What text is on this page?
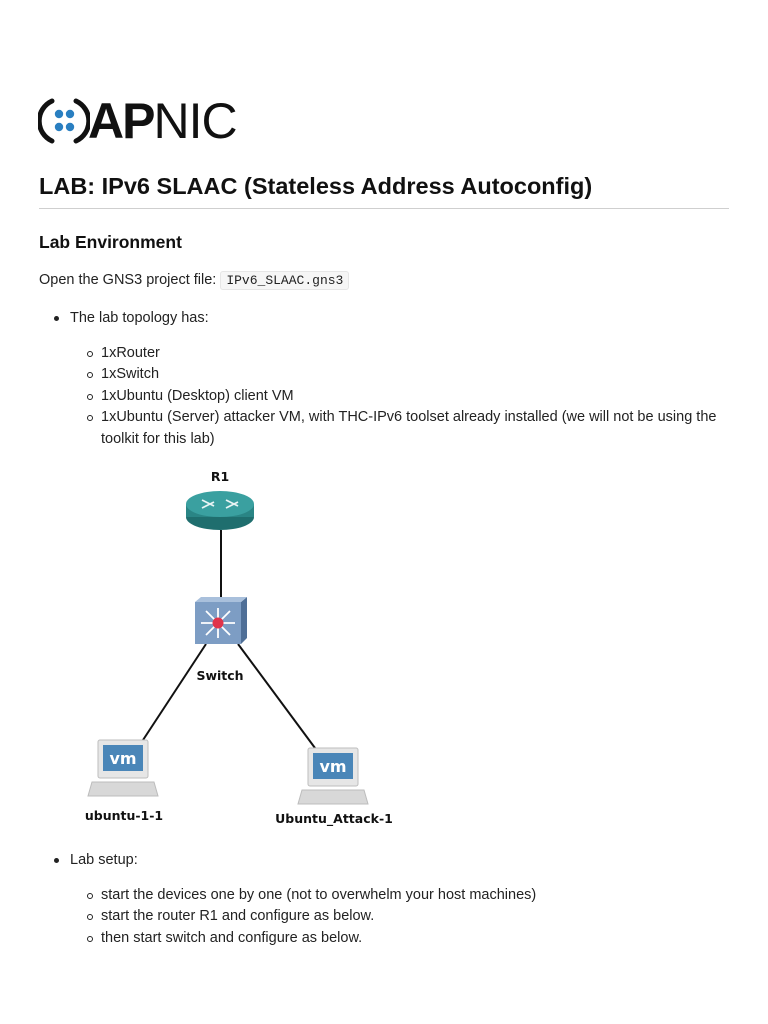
APNIC
LAB: IPv6 SLAAC (Stateless Address Autoconfig)
Lab Environment
Open the GNS3 project file: IPv6_SLAAC.gns3
The lab topology has:
1xRouter
1xSwitch
1xUbuntu (Desktop) client VM
1xUbuntu (Server) attacker VM, with THC-IPv6 toolset already installed (we will not be using the
toolkit for this lab)
R1
Switch
vm
ubuntu-1-1
vm
Ubuntu_Attack-1
Lab setup:
start the devices one by one (not to overwhelm your host machines)
start the router R1 and configure as below.
then start switch and configure as below.
